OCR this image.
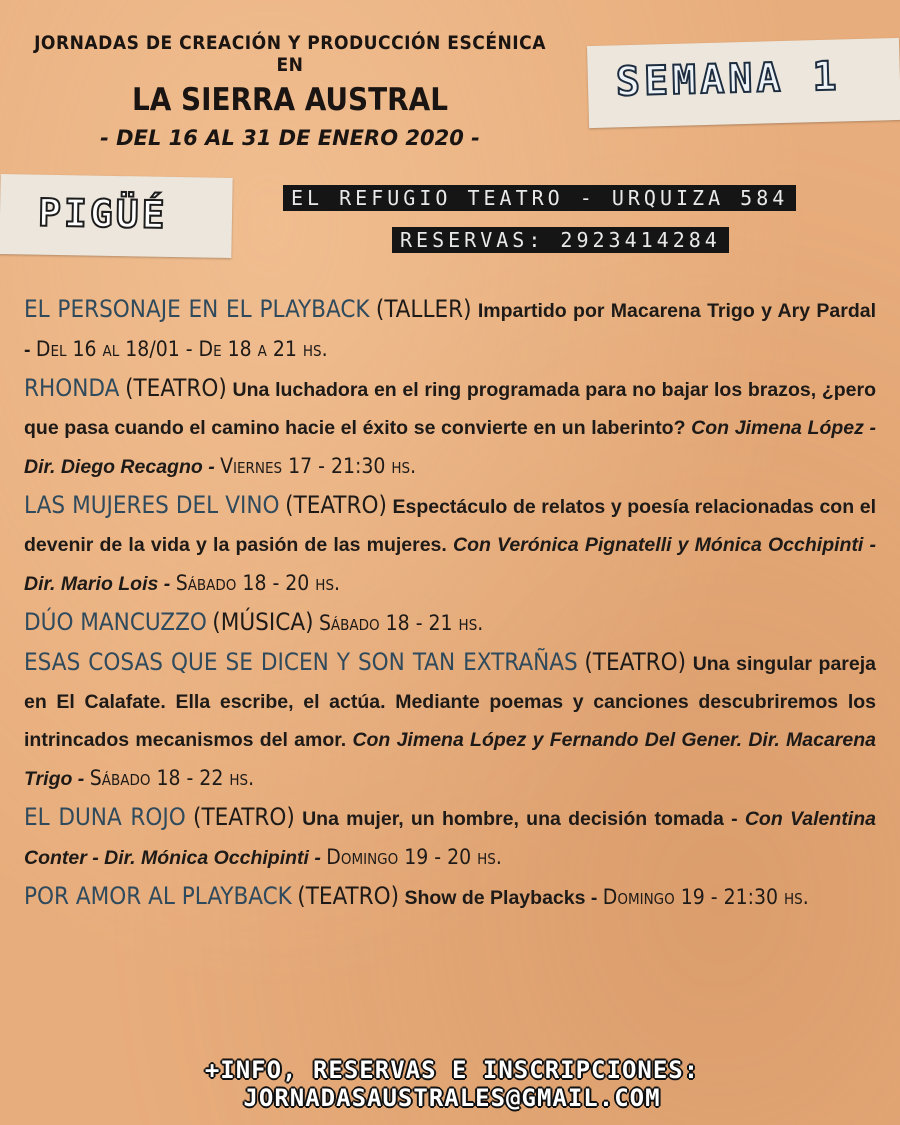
JORNADAS DE CREACIÓN Y PRODUCCIÓN ESCÉNICA EN
LA SIERRA AUSTRAL
- DEL 16 AL 31 DE ENERO 2020 -
SEMANA 1
PIGÜÉ	EL REFUGIO TEATRO - URQUIZA 584
RESERVAS: 2923414284

EL PERSONAJE EN EL PLAYBACK (TALLER) Impartido por Macarena Trigo y Ary Pardal - Del 16 al 18/01 - De 18 a 21 hs.

RHONDA (TEATRO) Una luchadora en el ring programada para no bajar los brazos, ¿pero que pasa cuando el camino hacie el éxito se convierte en un laberinto? Con Jimena López - Dir. Diego Recagno - Viernes 17 - 21:30 hs.

LAS MUJERES DEL VINO (TEATRO) Espectáculo de relatos y poesía relacionadas con el devenir de la vida y la pasión de las mujeres. Con Verónica Pignatelli y Mónica Occhipinti - Dir. Mario Lois - Sábado 18 - 20 hs.

DÚO MANCUZZO (MÚSICA) Sábado 18 - 21 hs.

ESAS COSAS QUE SE DICEN Y SON TAN EXTRAÑAS (TEATRO) Una singular pareja en El Calafate. Ella escribe, el actúa. Mediante poemas y canciones descubriremos los intrincados mecanismos del amor. Con Jimena López y Fernando Del Gener. Dir. Macarena Trigo - Sábado 18 - 22 hs.

EL DUNA ROJO (TEATRO) Una mujer, un hombre, una decisión tomada - Con Valentina Conter - Dir. Mónica Occhipinti - Domingo 19 - 20 hs.

POR AMOR AL PLAYBACK (TEATRO) Show de Playbacks - Domingo 19 - 21:30 hs.

+INFO, RESERVAS E INSCRIPCIONES: JORNADASAUSTRALES@GMAIL.COM
